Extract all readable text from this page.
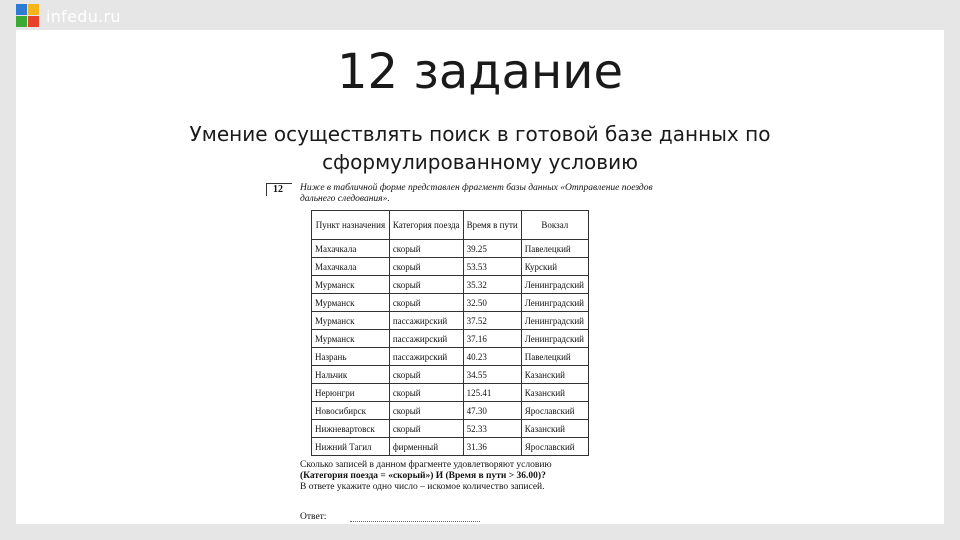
infedu.ru
12 задание
Умение осуществлять поиск в готовой базе данных по сформулированному условию
12	Ниже в табличной форме представлен фрагмент базы данных «Отправление поездов дальнего следования».
Пункт назначения	Категория поезда	Время в пути	Вокзал
Махачкала	скорый	39.25	Павелецкий
Махачкала	скорый	53.53	Курский
Мурманск	скорый	35.32	Ленинградский
Мурманск	скорый	32.50	Ленинградский
Мурманск	пассажирский	37.52	Ленинградский
Мурманск	пассажирский	37.16	Ленинградский
Назрань	пассажирский	40.23	Павелецкий
Нальчик	скорый	34.55	Казанский
Нерюнгри	скорый	125.41	Казанский
Новосибирск	скорый	47.30	Ярославский
Нижневартовск	скорый	52.33	Казанский
Нижний Тагил	фирменный	31.36	Ярославский
Сколько записей в данном фрагменте удовлетворяют условию
(Категория поезда = «скорый») И (Время в пути > 36.00)?
В ответе укажите одно число – искомое количество записей.
Ответ:
